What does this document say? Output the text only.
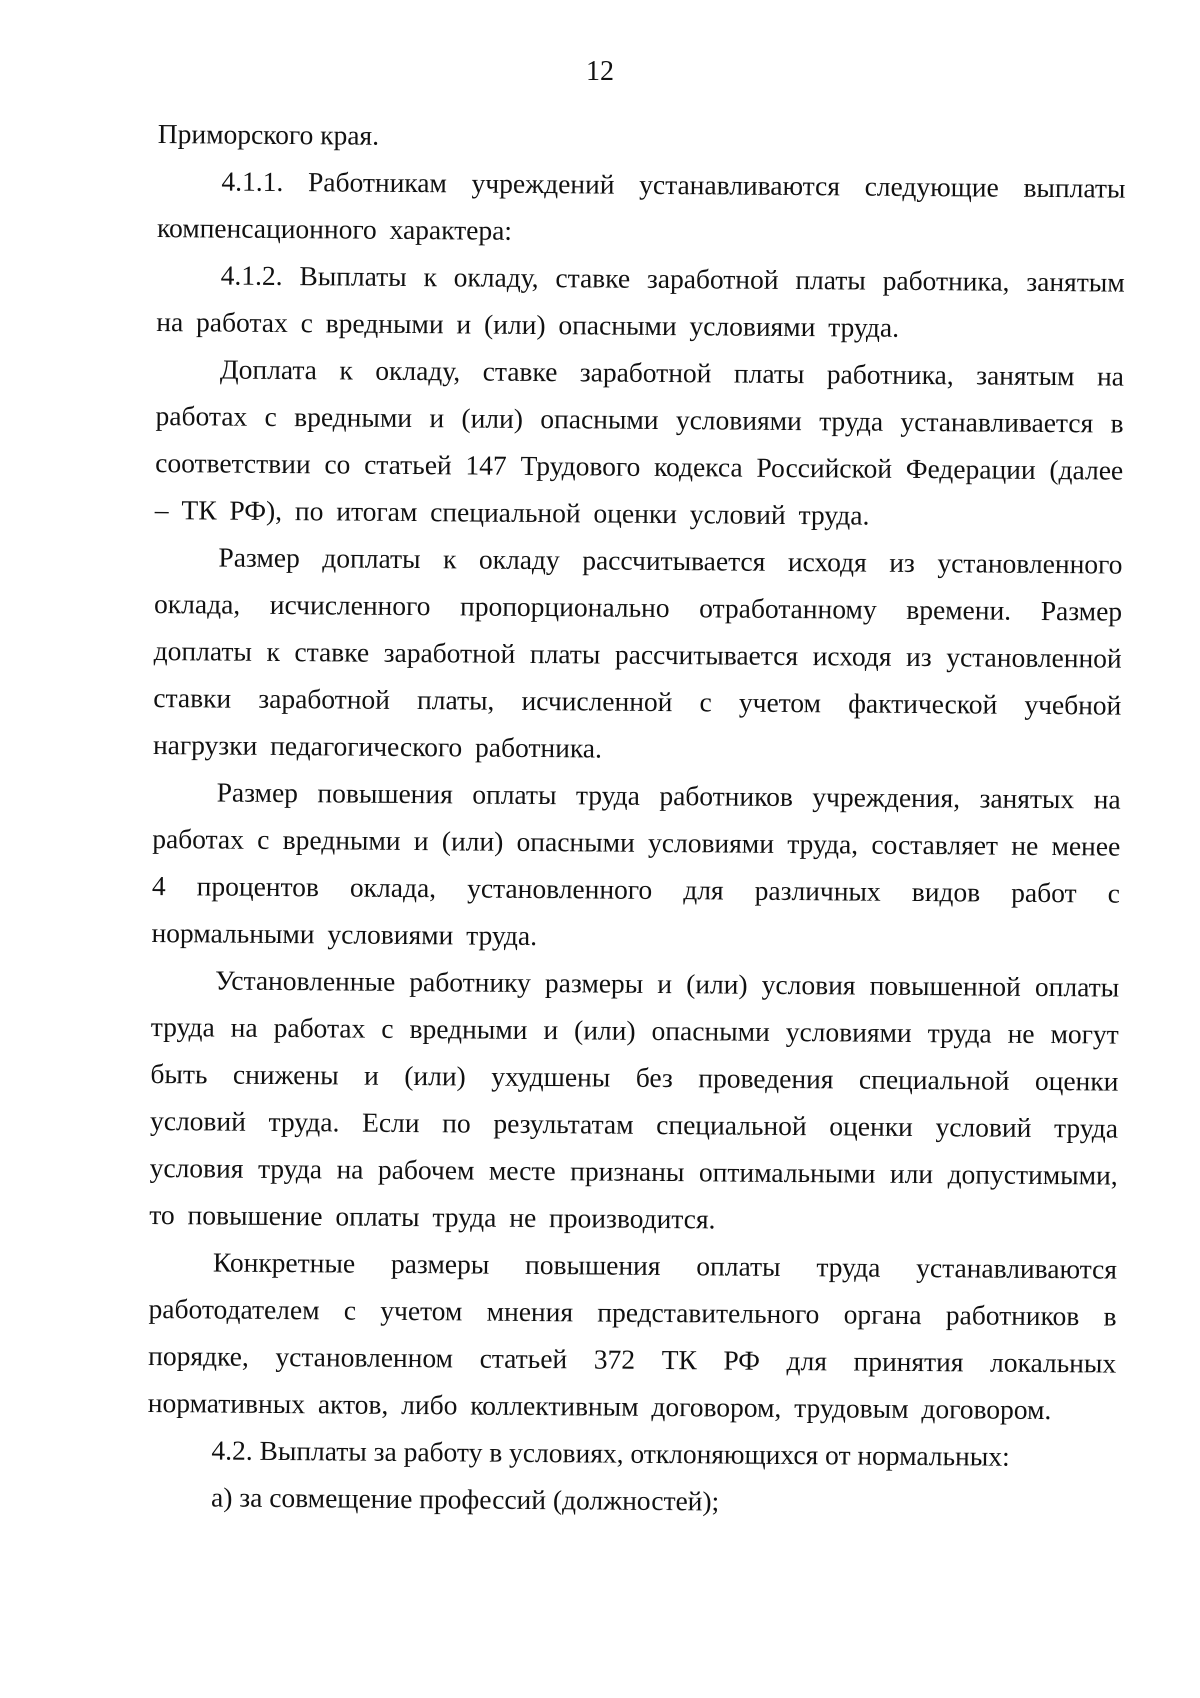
12

Приморского края.

4.1.1. Работникам учреждений устанавливаются следующие выплаты компенсационного характера:

4.1.2. Выплаты к окладу, ставке заработной платы работника, занятым на работах с вредными и (или) опасными условиями труда.

Доплата к окладу, ставке заработной платы работника, занятым на работах с вредными и (или) опасными условиями труда устанавливается в соответствии со статьей 147 Трудового кодекса Российской Федерации (далее – ТК РФ), по итогам специальной оценки условий труда.

Размер доплаты к окладу рассчитывается исходя из установленного оклада, исчисленного пропорционально отработанному времени. Размер доплаты к ставке заработной платы рассчитывается исходя из установленной ставки заработной платы, исчисленной с учетом фактической учебной нагрузки педагогического работника.

Размер повышения оплаты труда работников учреждения, занятых на работах с вредными и (или) опасными условиями труда, составляет не менее 4 процентов оклада, установленного для различных видов работ с нормальными условиями труда.

Установленные работнику размеры и (или) условия повышенной оплаты труда на работах с вредными и (или) опасными условиями труда не могут быть снижены и (или) ухудшены без проведения специальной оценки условий труда. Если по результатам специальной оценки условий труда условия труда на рабочем месте признаны оптимальными или допустимыми, то повышение оплаты труда не производится.

Конкретные размеры повышения оплаты труда устанавливаются работодателем с учетом мнения представительного органа работников в порядке, установленном статьей 372 ТК РФ для принятия локальных нормативных актов, либо коллективным договором, трудовым договором.

4.2. Выплаты за работу в условиях, отклоняющихся от нормальных:

а) за совмещение профессий (должностей);
